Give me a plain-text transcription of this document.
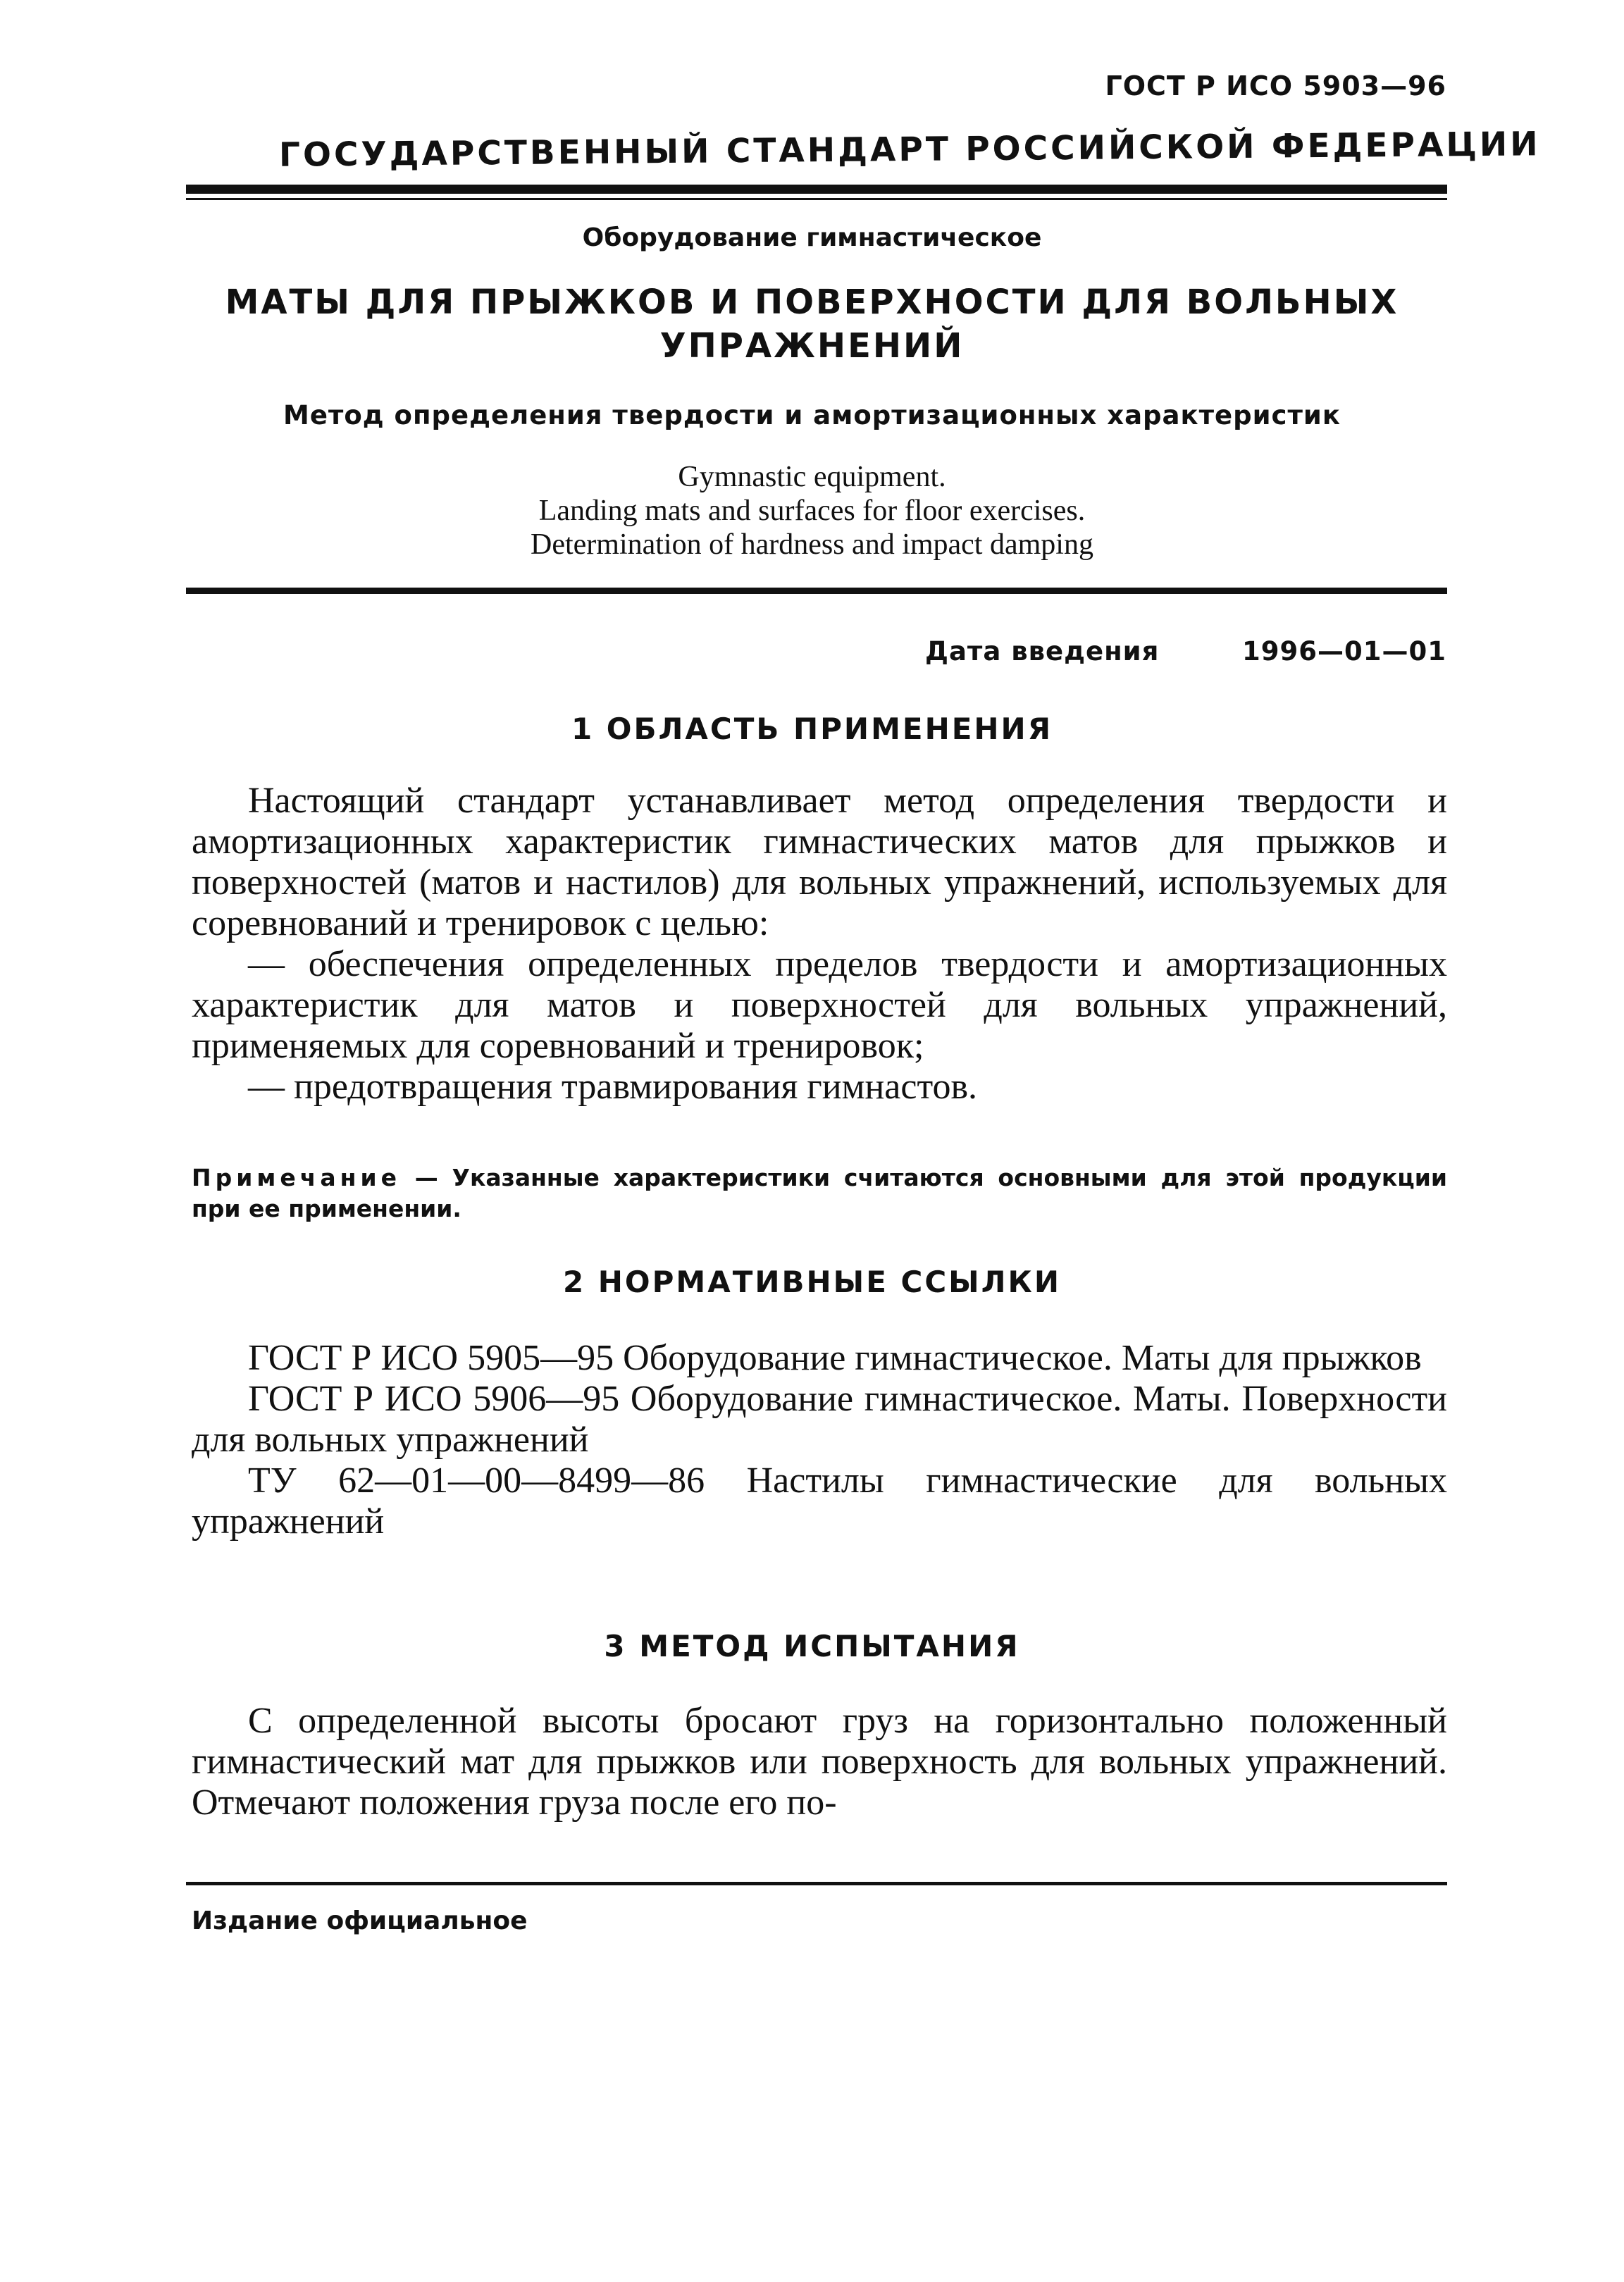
ГОСТ Р ИСО 5903—96
ГОСУДАРСТВЕННЫЙ СТАНДАРТ РОССИЙСКОЙ ФЕДЕРАЦИИ
Оборудование гимнастическое
МАТЫ ДЛЯ ПРЫЖКОВ И ПОВЕРХНОСТИ ДЛЯ ВОЛЬНЫХ
УПРАЖНЕНИЙ
Метод определения твердости и амортизационных характеристик
Gymnastic equipment.
Landing mats and surfaces for floor exercises.
Determination of hardness and impact damping
Дата введения	1996—01—01
1 ОБЛАСТЬ ПРИМЕНЕНИЯ

Настоящий стандарт устанавливает метод определения твердости и амортизационных характеристик гимнастических матов для прыжков и поверхностей (матов и настилов) для вольных упражнений, используемых для соревнований и тренировок с целью:

— обеспечения определенных пределов твердости и амортизационных характеристик для матов и поверхностей для вольных упражнений, применяемых для соревнований и тренировок;

— предотвращения травмирования гимнастов.

Примечание — Указанные характеристики считаются основными для этой продукции при ее применении.
2 НОРМАТИВНЫЕ ССЫЛКИ

ГОСТ Р ИСО 5905—95 Оборудование гимнастическое. Маты для прыжков

ГОСТ Р ИСО 5906—95 Оборудование гимнастическое. Маты. Поверхности для вольных упражнений

ТУ 62—01—00—8499—86 Настилы гимнастические для вольных упражнений

3 МЕТОД ИСПЫТАНИЯ

С определенной высоты бросают груз на горизонтально положенный гимнастический мат для прыжков или поверхность для вольных упражнений. Отмечают положения груза после его по-

Издание официальное
